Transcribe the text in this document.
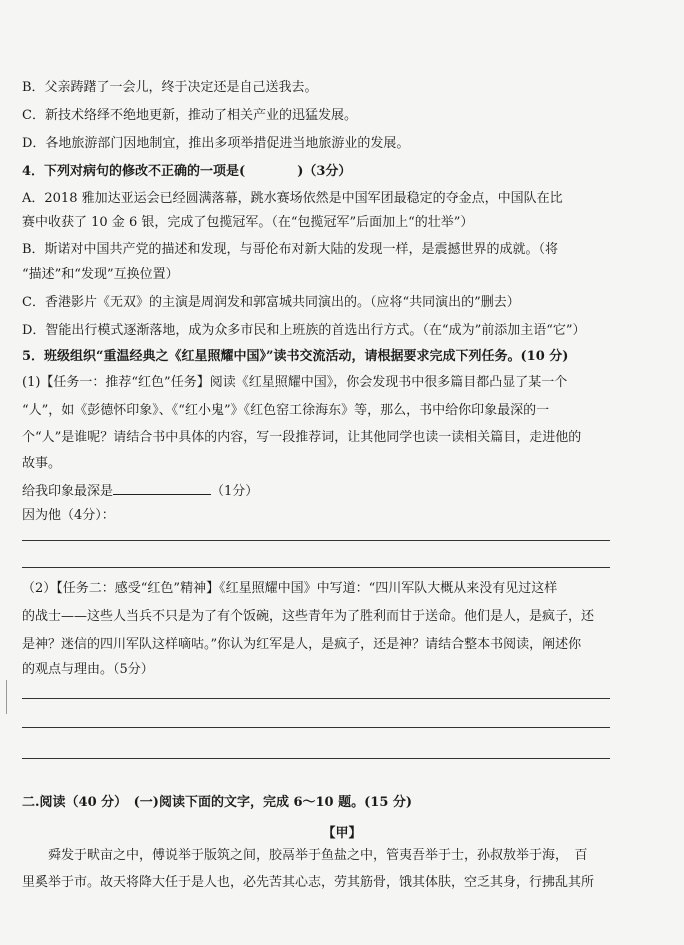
B．父亲踌躇了一会儿，终于决定还是自己送我去。
C．新技术络绎不绝地更新，推动了相关产业的迅猛发展。
D．各地旅游部门因地制宜，推出多项举措促进当地旅游业的发展。
4．下列对病句的修改不正确的一项是(　　　　)（3分）
A．2018 雅加达亚运会已经圆满落幕，跳水赛场依然是中国军团最稳定的夺金点，中国队在比
赛中收获了 10 金 6 银，完成了包揽冠军。（在“包揽冠军”后面加上“的壮举”）
B．斯诺对中国共产党的描述和发现，与哥伦布对新大陆的发现一样，是震撼世界的成就。（将
“描述”和“发现”互换位置）
C．香港影片《无双》的主演是周润发和郭富城共同演出的。（应将“共同演出的”删去）
D．智能出行模式逐渐落地，成为众多市民和上班族的首选出行方式。（在“成为”前添加主语“它”）
5．班级组织“重温经典之《红星照耀中国》”读书交流活动，请根据要求完成下列任务。(10 分)
(1)【任务一：推荐“红色”任务】阅读《红星照耀中国》，你会发现书中很多篇目都凸显了某一个
“人”，如《彭德怀印象》、《“红小鬼”》《红色窑工徐海东》等，那么，书中给你印象最深的一
个“人”是谁呢？请结合书中具体的内容，写一段推荐词，让其他同学也读一读相关篇目，走进他的
故事。
给我印象最深是	（1分）
因为他（4分）：
（2）【任务二：感受“红色”精神】《红星照耀中国》中写道：“四川军队大概从来没有见过这样
的战士——这些人当兵不只是为了有个饭碗，这些青年为了胜利而甘于送命。他们是人，是疯子，还
是神？迷信的四川军队这样嘀咕。”你认为红军是人，是疯子，还是神？请结合整本书阅读，阐述你
的观点与理由。（5分）
二.阅读（40 分）　(一)阅读下面的文字，完成 6～10 题。(15 分)
【甲】
　　舜发于畎亩之中，傅说举于版筑之间，胶鬲举于鱼盐之中，管夷吾举于士，孙叔敖举于海，　百
里奚举于市。故天将降大任于是人也，必先苦其心志，劳其筋骨，饿其体肤，空乏其身，行拂乱其所
